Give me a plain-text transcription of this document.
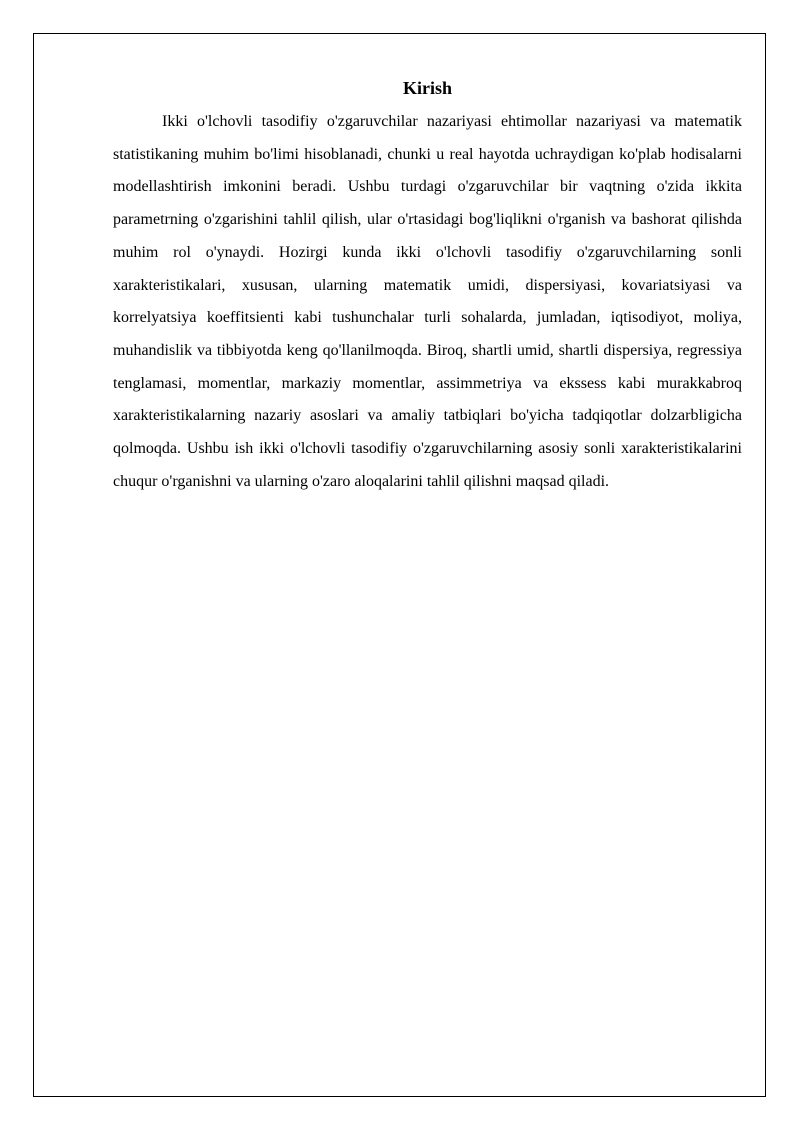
Kirish

Ikki o'lchovli tasodifiy o'zgaruvchilar nazariyasi ehtimollar nazariyasi va matematik statistikaning muhim bo'limi hisoblanadi, chunki u real hayotda uchraydigan ko'plab hodisalarni modellashtirish imkonini beradi. Ushbu turdagi o'zgaruvchilar bir vaqtning o'zida ikkita parametrning o'zgarishini tahlil qilish, ular o'rtasidagi bog'liqlikni o'rganish va bashorat qilishda muhim rol o'ynaydi. Hozirgi kunda ikki o'lchovli tasodifiy o'zgaruvchilarning sonli xarakteristikalari, xususan, ularning matematik umidi, dispersiyasi, kovariatsiyasi va korrelyatsiya koeffitsienti kabi tushunchalar turli sohalarda, jumladan, iqtisodiyot, moliya, muhandislik va tibbiyotda keng qo'llanilmoqda. Biroq, shartli umid, shartli dispersiya, regressiya tenglamasi, momentlar, markaziy momentlar, assimmetriya va ekssess kabi murakkabroq xarakteristikalarning nazariy asoslari va amaliy tatbiqlari bo'yicha tadqiqotlar dolzarbligicha qolmoqda. Ushbu ish ikki o'lchovli tasodifiy o'zgaruvchilarning asosiy sonli xarakteristikalarini chuqur o'rganishni va ularning o'zaro aloqalarini tahlil qilishni maqsad qiladi.
